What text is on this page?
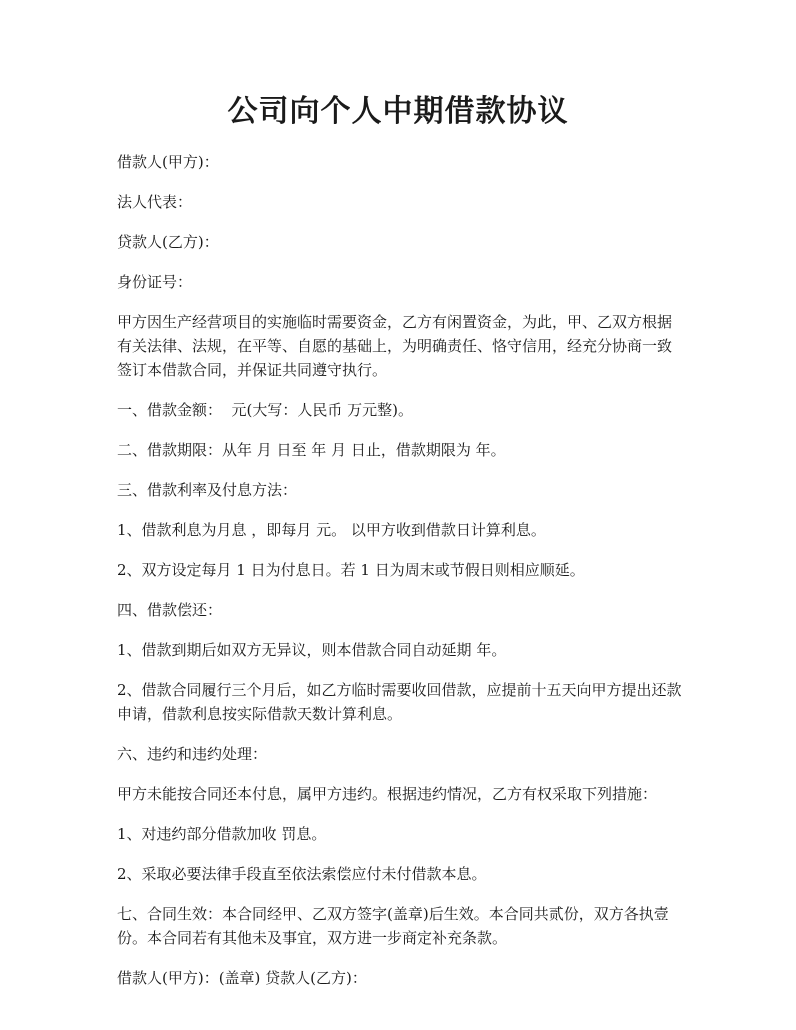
公司向个人中期借款协议

借款人(甲方)：

法人代表：

贷款人(乙方)：

身份证号：

甲方因生产经营项目的实施临时需要资金，乙方有闲置资金，为此，甲、乙双方根据有关法律、法规，在平等、自愿的基础上，为明确责任、恪守信用，经充分协商一致签订本借款合同，并保证共同遵守执行。

一、借款金额：  元(大写：人民币 万元整)。

二、借款期限：从年 月 日至 年 月 日止，借款期限为 年。

三、借款利率及付息方法：

1、借款利息为月息 ，即每月 元。 以甲方收到借款日计算利息。

2、双方设定每月 1 日为付息日。若 1 日为周末或节假日则相应顺延。

四、借款偿还：

1、借款到期后如双方无异议，则本借款合同自动延期 年。

2、借款合同履行三个月后，如乙方临时需要收回借款，应提前十五天向甲方提出还款申请，借款利息按实际借款天数计算利息。

六、违约和违约处理：

甲方未能按合同还本付息，属甲方违约。根据违约情况，乙方有权采取下列措施：

1、对违约部分借款加收 罚息。

2、采取必要法律手段直至依法索偿应付未付借款本息。

七、合同生效：本合同经甲、乙双方签字(盖章)后生效。本合同共贰份，双方各执壹份。本合同若有其他未及事宜，双方进一步商定补充条款。

借款人(甲方)：(盖章) 贷款人(乙方)：
